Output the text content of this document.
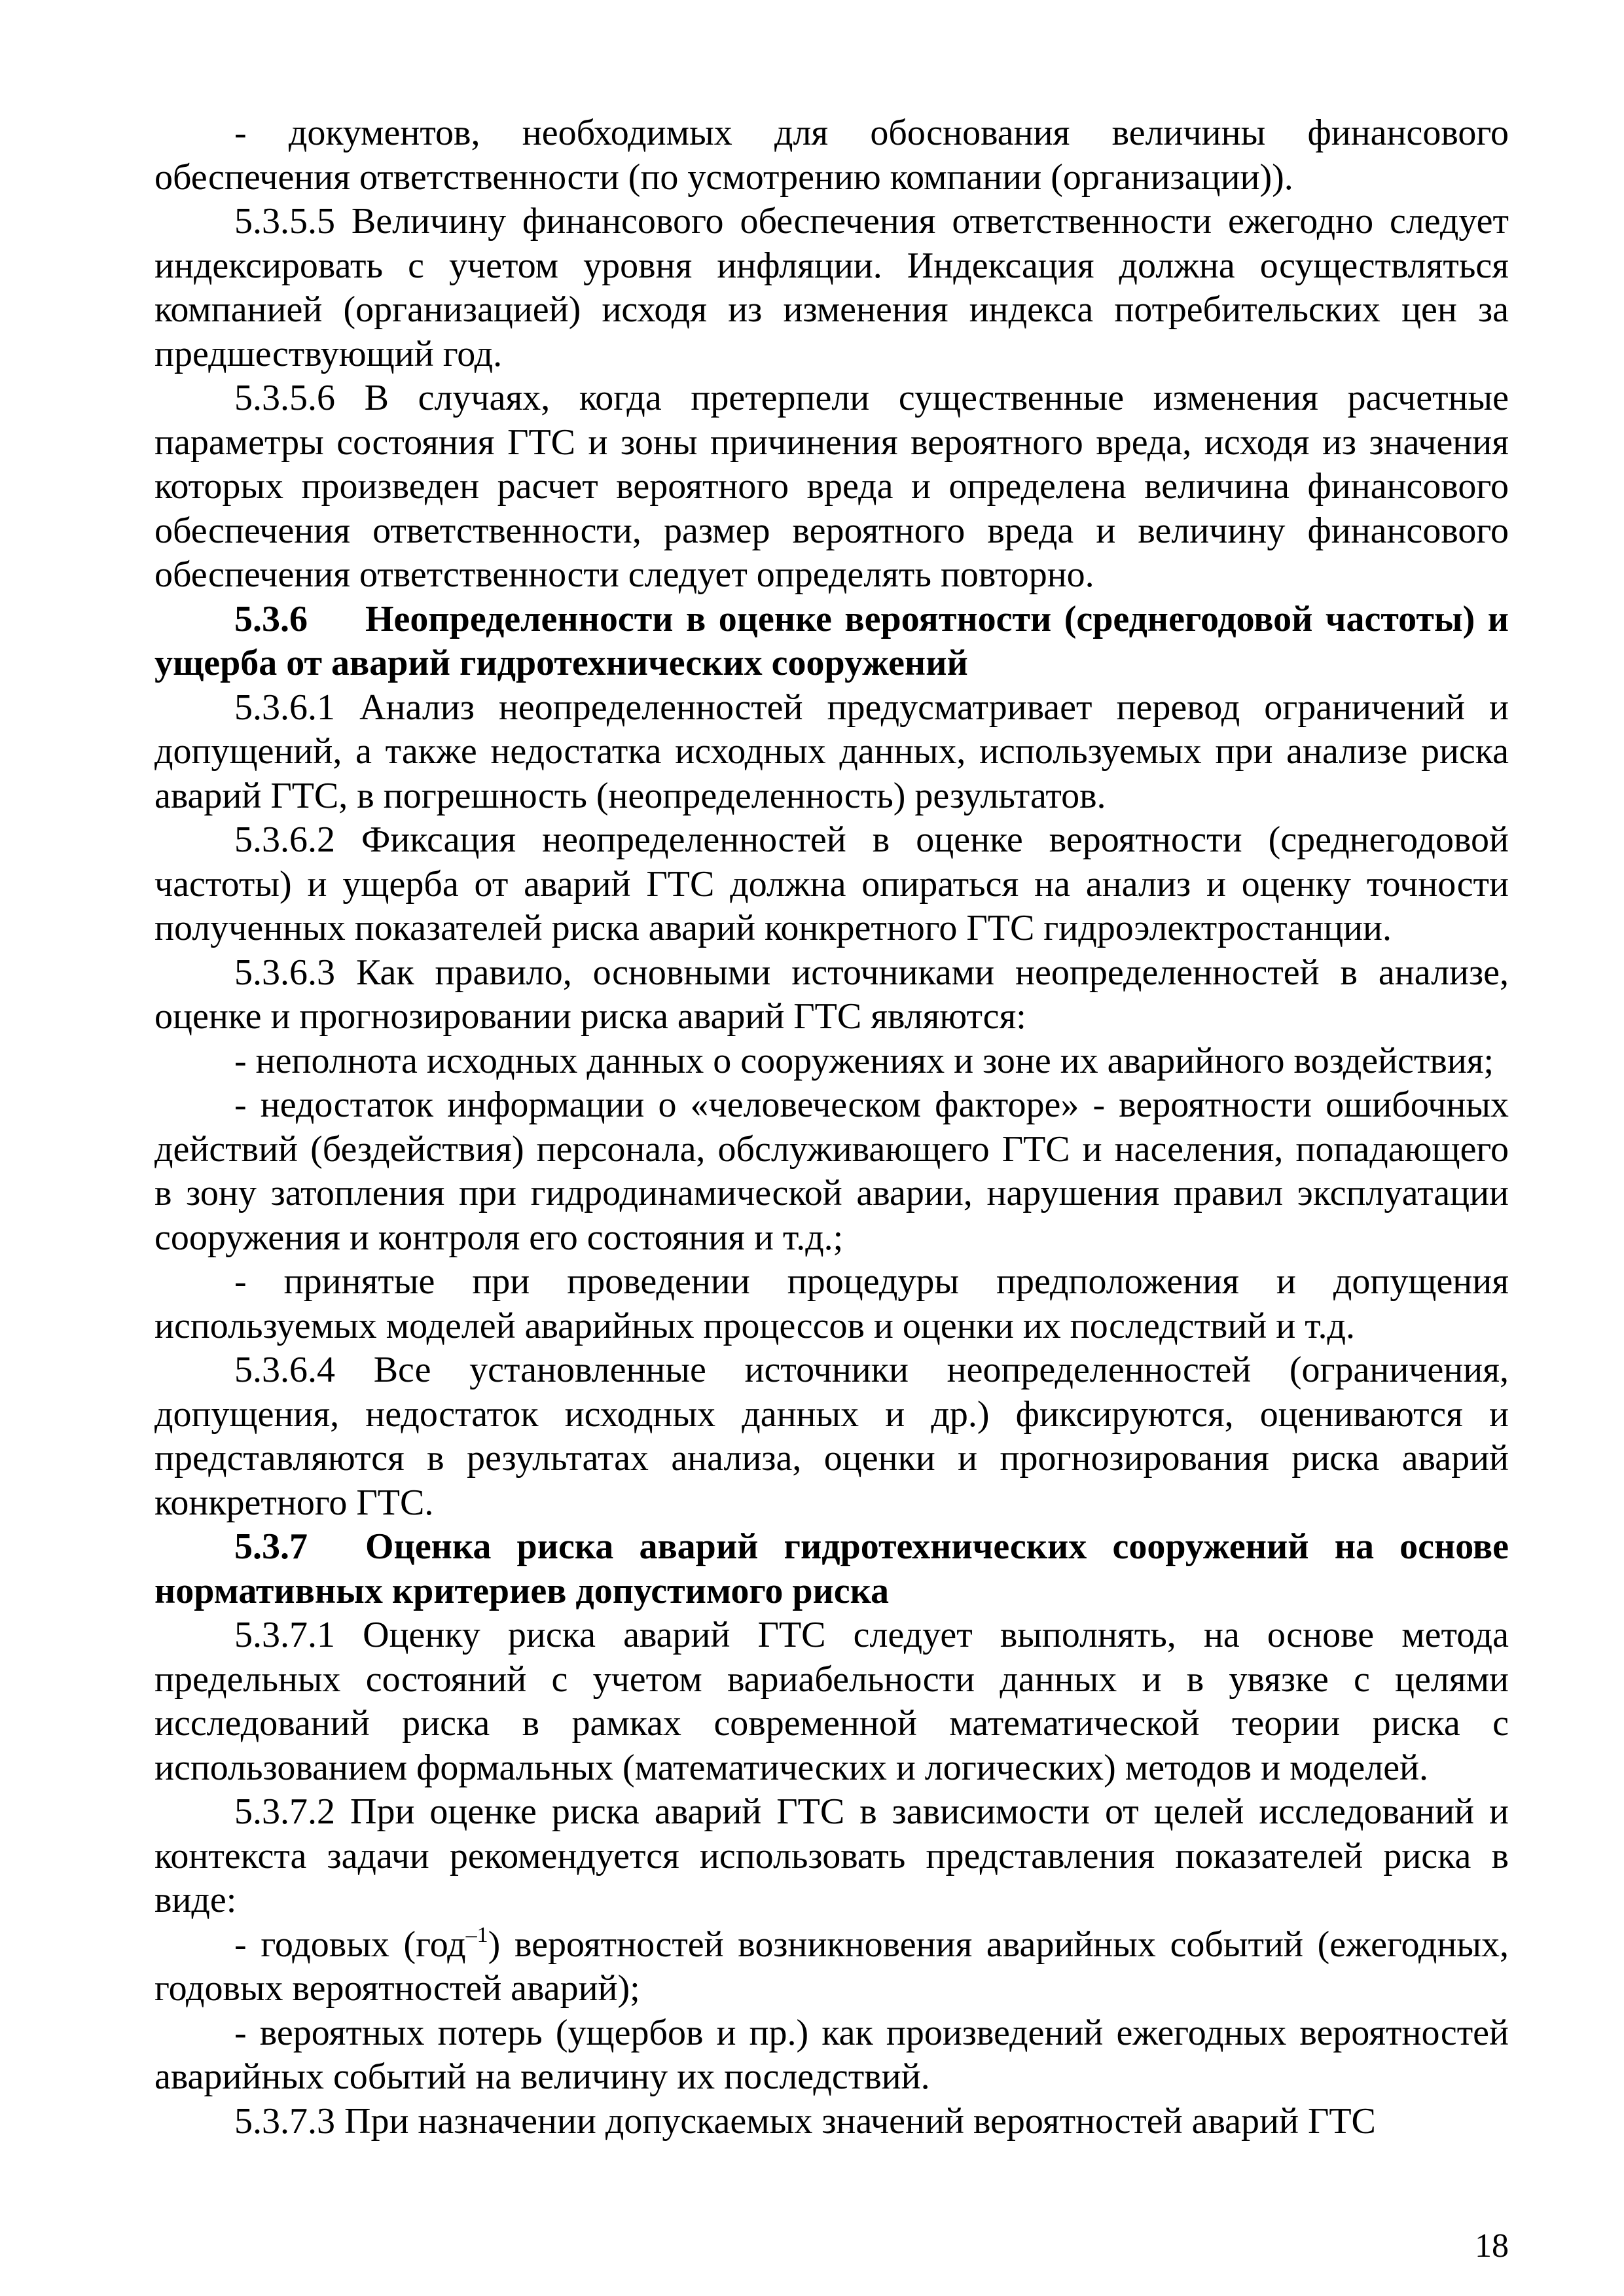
- документов, необходимых для обоснования величины финансового обеспечения ответственности (по усмотрению компании (организации)).

5.3.5.5 Величину финансового обеспечения ответственности ежегодно следует индексировать с учетом уровня инфляции. Индексация должна осуществляться компанией (организацией) исходя из изменения индекса потребительских цен за предшествующий год.

5.3.5.6 В случаях, когда претерпели существенные изменения расчетные параметры состояния ГТС и зоны причинения вероятного вреда, исходя из значения которых произведен расчет вероятного вреда и определена величина финансового обеспечения ответственности, размер вероятного вреда и величину финансового обеспечения ответственности следует определять повторно.

5.3.6 Неопределенности в оценке вероятности (среднегодовой частоты) и ущерба от аварий гидротехнических сооружений

5.3.6.1 Анализ неопределенностей предусматривает перевод ограничений и допущений, а также недостатка исходных данных, используемых при анализе риска аварий ГТС, в погрешность (неопределенность) результатов.

5.3.6.2 Фиксация неопределенностей в оценке вероятности (среднегодовой частоты) и ущерба от аварий ГТС должна опираться на анализ и оценку точности полученных показателей риска аварий конкретного ГТС гидроэлектростанции.

5.3.6.3 Как правило, основными источниками неопределенностей в анализе, оценке и прогнозировании риска аварий ГТС являются:

- неполнота исходных данных о сооружениях и зоне их аварийного воздействия;

- недостаток информации о «человеческом факторе» - вероятности ошибочных действий (бездействия) персонала, обслуживающего ГТС и населения, попадающего в зону затопления при гидродинамической аварии, нарушения правил эксплуатации сооружения и контроля его состояния и т.д.;

- принятые при проведении процедуры предположения и допущения используемых моделей аварийных процессов и оценки их последствий и т.д.

5.3.6.4 Все установленные источники неопределенностей (ограничения, допущения, недостаток исходных данных и др.) фиксируются, оцениваются и представляются в результатах анализа, оценки и прогнозирования риска аварий конкретного ГТС.

5.3.7 Оценка риска аварий гидротехнических сооружений на основе нормативных критериев допустимого риска

5.3.7.1 Оценку риска аварий ГТС следует выполнять, на основе метода предельных состояний с учетом вариабельности данных и в увязке с целями исследований риска в рамках современной математической теории риска с использованием формальных (математических и логических) методов и моделей.

5.3.7.2 При оценке риска аварий ГТС в зависимости от целей исследований и контекста задачи рекомендуется использовать представления показателей риска в виде:

- годовых (год$^{-1}$) вероятностей возникновения аварийных событий (ежегодных, годовых вероятностей аварий);

- вероятных потерь (ущербов и пр.) как произведений ежегодных вероятностей аварийных событий на величину их последствий.

5.3.7.3 При назначении допускаемых значений вероятностей аварий ГТС

18
